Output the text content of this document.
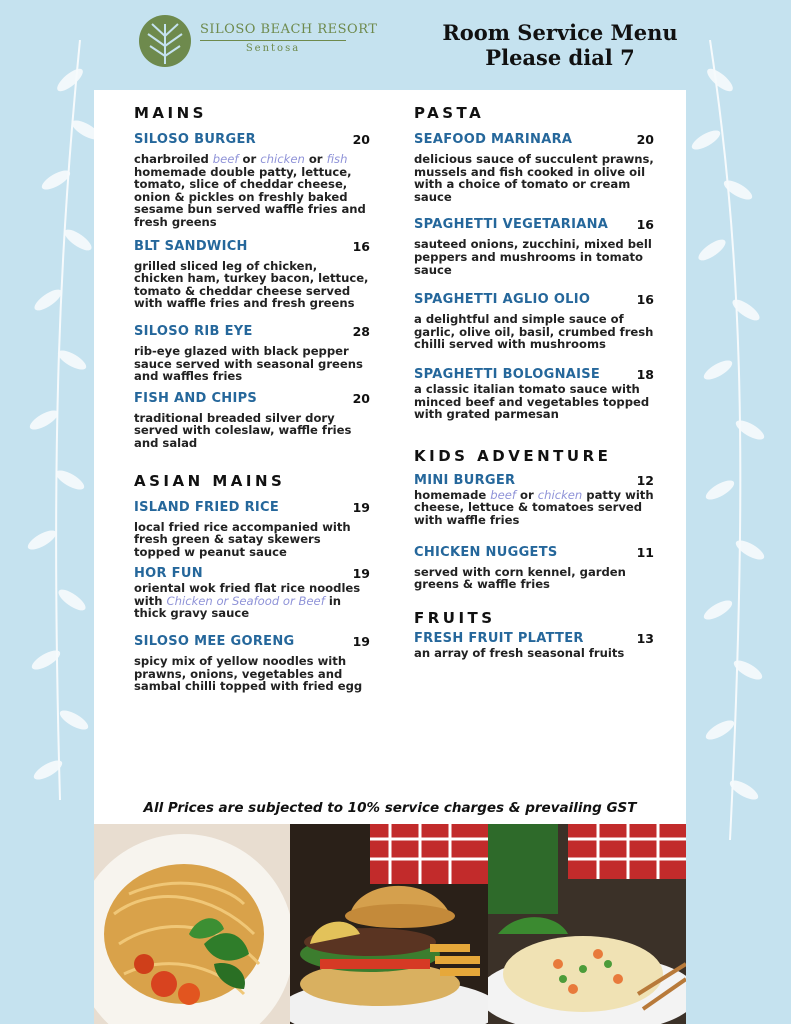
SILOSO BEACH RESORT
Sentosa
Room Service Menu
Please dial 7
MAINS
SILOSO BURGER	20
charbroiled beef or chicken or fish homemade double patty, lettuce, tomato, slice of cheddar cheese, onion & pickles on freshly baked sesame bun served waffle fries and fresh greens
BLT SANDWICH	16
grilled sliced leg of chicken, chicken ham, turkey bacon, lettuce, tomato & cheddar cheese served with waffle fries and fresh greens
SILOSO RIB EYE	28
rib-eye glazed with black pepper sauce served with seasonal greens and waffles fries
FISH AND CHIPS	20
traditional breaded silver dory served with coleslaw, waffle fries and salad
ASIAN MAINS
ISLAND FRIED RICE	19
local fried rice accompanied with fresh green & satay skewers topped w peanut sauce
HOR FUN	19
oriental wok fried flat rice noodles with Chicken or Seafood or Beef in thick gravy sauce
SILOSO MEE GORENG	19
spicy mix of yellow noodles with prawns, onions, vegetables and sambal chilli topped with fried egg
PASTA
SEAFOOD MARINARA	20
delicious sauce of succulent prawns, mussels and fish cooked in olive oil with a choice of tomato or cream sauce
SPAGHETTI VEGETARIANA	16
sauteed onions, zucchini, mixed bell peppers and mushrooms in tomato sauce
SPAGHETTI AGLIO OLIO	16
a delightful and simple sauce of garlic, olive oil, basil, crumbed fresh chilli served with mushrooms
SPAGHETTI BOLOGNAISE	18
a classic italian tomato sauce with minced beef and vegetables topped with grated parmesan
KIDS ADVENTURE
MINI BURGER	12
homemade beef or chicken patty with cheese, lettuce & tomatoes served with waffle fries
CHICKEN NUGGETS	11
served with corn kennel, garden greens & waffle fries
FRUITS
FRESH FRUIT PLATTER	13
an array of fresh seasonal fruits
All Prices are subjected to 10% service charges & prevailing GST
